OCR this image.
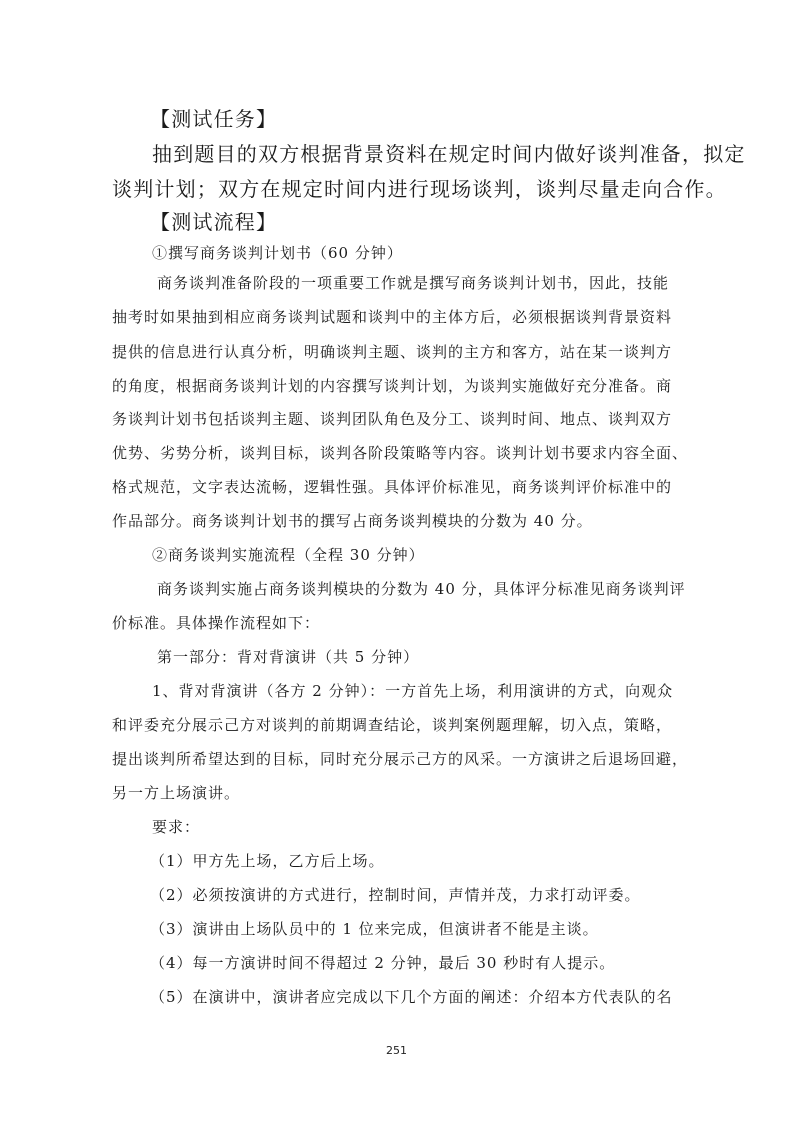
【测试任务】
抽到题目的双方根据背景资料在规定时间内做好谈判准备，拟定
谈判计划；双方在规定时间内进行现场谈判，谈判尽量走向合作。
【测试流程】
①撰写商务谈判计划书（60 分钟）
商务谈判准备阶段的一项重要工作就是撰写商务谈判计划书，因此，技能
抽考时如果抽到相应商务谈判试题和谈判中的主体方后，必须根据谈判背景资料
提供的信息进行认真分析，明确谈判主题、谈判的主方和客方，站在某一谈判方
的角度，根据商务谈判计划的内容撰写谈判计划，为谈判实施做好充分准备。商
务谈判计划书包括谈判主题、谈判团队角色及分工、谈判时间、地点、谈判双方
优势、劣势分析，谈判目标，谈判各阶段策略等内容。谈判计划书要求内容全面、
格式规范，文字表达流畅，逻辑性强。具体评价标准见，商务谈判评价标准中的
作品部分。商务谈判计划书的撰写占商务谈判模块的分数为 40 分。
②商务谈判实施流程（全程 30 分钟）
商务谈判实施占商务谈判模块的分数为 40 分，具体评分标准见商务谈判评
价标准。具体操作流程如下：
第一部分：背对背演讲（共 5 分钟）
1、背对背演讲（各方 2 分钟）：一方首先上场，利用演讲的方式，向观众
和评委充分展示己方对谈判的前期调查结论，谈判案例题理解，切入点，策略，
提出谈判所希望达到的目标，同时充分展示己方的风采。一方演讲之后退场回避，
另一方上场演讲。
要求：
（1）甲方先上场，乙方后上场。
（2）必须按演讲的方式进行，控制时间，声情并茂，力求打动评委。
（3）演讲由上场队员中的 1 位来完成，但演讲者不能是主谈。
（4）每一方演讲时间不得超过 2 分钟，最后 30 秒时有人提示。
（5）在演讲中，演讲者应完成以下几个方面的阐述：介绍本方代表队的名
251
